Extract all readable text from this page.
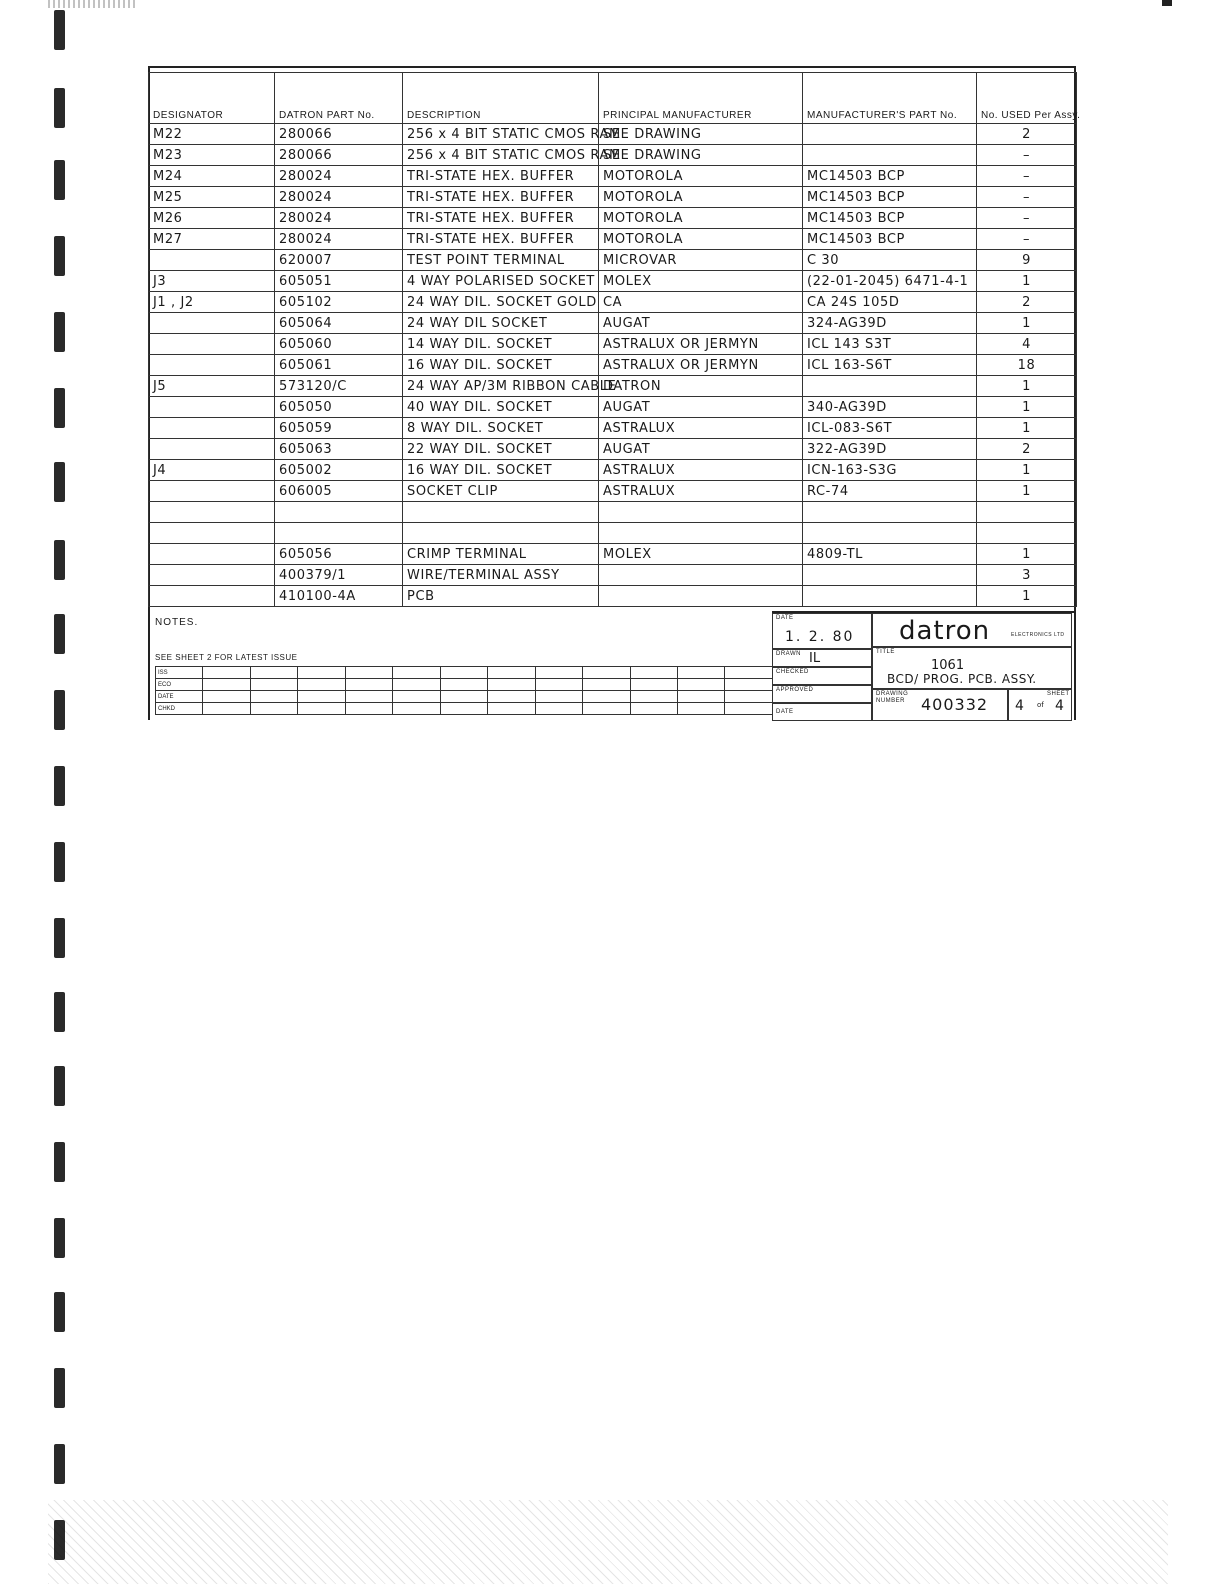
DESIGNATOR	DATRON PART No.	DESCRIPTION	PRINCIPAL MANUFACTURER	MANUFACTURER'S PART No.	No. USED Per Assy.
M22	280066	256 x 4 BIT STATIC CMOS RAM	SEE DRAWING		2
M23	280066	256 x 4 BIT STATIC CMOS RAM	SEE DRAWING		–
M24	280024	TRI-STATE HEX. BUFFER	MOTOROLA	MC14503 BCP	–
M25	280024	TRI-STATE HEX. BUFFER	MOTOROLA	MC14503 BCP	–
M26	280024	TRI-STATE HEX. BUFFER	MOTOROLA	MC14503 BCP	–
M27	280024	TRI-STATE HEX. BUFFER	MOTOROLA	MC14503 BCP	–
	620007	TEST POINT TERMINAL	MICROVAR	C 30	9
J3	605051	4 WAY POLARISED SOCKET	MOLEX	(22-01-2045) 6471-4-1	1
J1 , J2	605102	24 WAY DIL. SOCKET GOLD	CA	CA 24S 105D	2
	605064	24 WAY DIL SOCKET	AUGAT	324-AG39D	1
	605060	14 WAY DIL. SOCKET	ASTRALUX OR JERMYN	ICL 143 S3T	4
	605061	16 WAY DIL. SOCKET	ASTRALUX OR JERMYN	ICL 163-S6T	18
J5	573120/C	24 WAY AP/3M RIBBON CABLE	DATRON		1
	605050	40 WAY DIL. SOCKET	AUGAT	340-AG39D	1
	605059	8 WAY DIL. SOCKET	ASTRALUX	ICL-083-S6T	1
	605063	22 WAY DIL. SOCKET	AUGAT	322-AG39D	2
J4	605002	16 WAY DIL. SOCKET	ASTRALUX	ICN-163-S3G	1
	606005	SOCKET CLIP	ASTRALUX	RC-74	1

	605056	CRIMP TERMINAL	MOLEX	4809-TL	1
	400379/1	WIRE/TERMINAL ASSY			3
	410100-4A	PCB			1
NOTES.
SEE SHEET 2 FOR LATEST ISSUE
ISS												
ECO												
DATE												
CHKD												
DATE
1. 2. 80
DRAWN IL
CHECKED
APPROVED
DATE
datron	ELECTRONICS LTD
TITLE
1061
BCD/ PROG. PCB. ASSY.
DRAWING NUMBER 400332
SHEET
4 of 4
